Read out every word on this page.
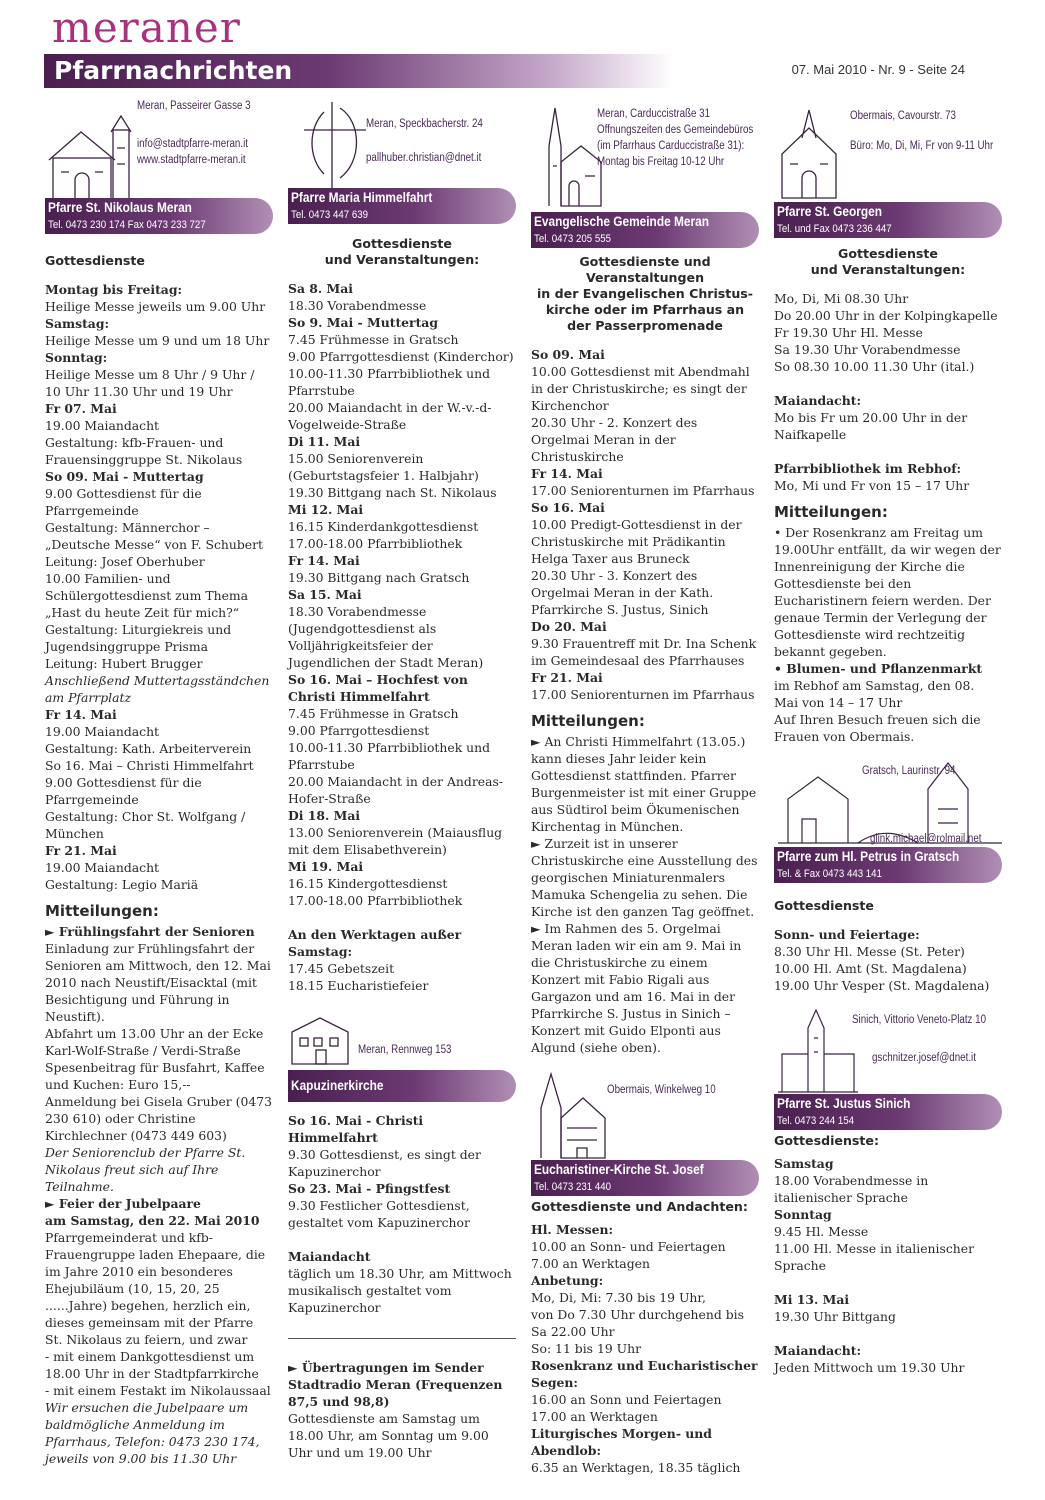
meraner
Pfarrnachrichten	07. Mai 2010 - Nr. 9 - Seite 24
Meran, Passeirer Gasse 3
info@stadtpfarre-meran.it
www.stadtpfarre-meran.it
Pfarre St. Nikolaus Meran
Tel. 0473 230 174 Fax 0473 233 727
Gottesdienste
Montag bis Freitag:
Heilige Messe jeweils um 9.00 Uhr
Samstag:
Heilige Messe um 9 und um 18 Uhr
Sonntag:
Heilige Messe um 8 Uhr / 9 Uhr / 10 Uhr 11.30 Uhr und 19 Uhr
Fr 07. Mai
19.00 Maiandacht
Gestaltung: kfb-Frauen- und Frauensinggruppe St. Nikolaus
So 09. Mai - Muttertag
9.00 Gottesdienst für die Pfarrgemeinde
Gestaltung: Männerchor – „Deutsche Messe“ von F. Schubert
Leitung: Josef Oberhuber
10.00 Familien- und Schülergottesdienst zum Thema „Hast du heute Zeit für mich?“
Gestaltung: Liturgiekreis und Jugendsinggruppe Prisma
Leitung: Hubert Brugger
Anschließend Muttertagsständchen am Pfarrplatz
Fr 14. Mai
19.00 Maiandacht
Gestaltung: Kath. Arbeiterverein
So 16. Mai – Christi Himmelfahrt
9.00 Gottesdienst für die Pfarrgemeinde
Gestaltung: Chor St. Wolfgang / München
Fr 21. Mai
19.00 Maiandacht
Gestaltung: Legio Mariä
Mitteilungen:
► Frühlingsfahrt der Senioren
Einladung zur Frühlingsfahrt der Senioren am Mittwoch, den 12. Mai 2010 nach Neustift/Eisacktal (mit Besichtigung und Führung in Neustift).
Abfahrt um 13.00 Uhr an der Ecke Karl-Wolf-Straße / Verdi-Straße
Spesenbeitrag für Busfahrt, Kaffee und Kuchen: Euro 15,--
Anmeldung bei Gisela Gruber (0473 230 610) oder Christine Kirchlechner (0473 449 603)
Der Seniorenclub der Pfarre St. Nikolaus freut sich auf Ihre Teilnahme.
► Feier der Jubelpaare
am Samstag, den 22. Mai 2010
Pfarrgemeinderat und kfb-Frauengruppe laden Ehepaare, die im Jahre 2010 ein besonderes Ehejubiläum (10, 15, 20, 25 ......Jahre) begehen, herzlich ein, dieses gemeinsam mit der Pfarre St. Nikolaus zu feiern, und zwar
- mit einem Dankgottesdienst um 18.00 Uhr in der Stadtpfarrkirche
- mit einem Festakt im Nikolaussaal
Wir ersuchen die Jubelpaare um baldmögliche Anmeldung im Pfarrhaus, Telefon: 0473 230 174, jeweils von 9.00 bis 11.30 Uhr
Meran, Speckbacherstr. 24
pallhuber.christian@dnet.it
Pfarre Maria Himmelfahrt
Tel. 0473 447 639
Gottesdienste
und Veranstaltungen:
Sa 8. Mai
18.30 Vorabendmesse
So 9. Mai - Muttertag
7.45 Frühmesse in Gratsch
9.00 Pfarrgottesdienst (Kinderchor)
10.00-11.30 Pfarrbibliothek und Pfarrstube
20.00 Maiandacht in der W.-v.-d-Vogelweide-Straße
Di 11. Mai
15.00 Seniorenverein (Geburtstagsfeier 1. Halbjahr)
19.30 Bittgang nach St. Nikolaus
Mi 12. Mai
16.15 Kinderdankgottesdienst
17.00-18.00 Pfarrbibliothek
Fr 14. Mai
19.30 Bittgang nach Gratsch
Sa 15. Mai
18.30 Vorabendmesse (Jugendgottesdienst als Volljährigkeitsfeier der Jugendlichen der Stadt Meran)
So 16. Mai – Hochfest von Christi Himmelfahrt
7.45 Frühmesse in Gratsch
9.00 Pfarrgottesdienst
10.00-11.30 Pfarrbibliothek und Pfarrstube
20.00 Maiandacht in der Andreas-Hofer-Straße
Di 18. Mai
13.00 Seniorenverein (Maiausflug mit dem Elisabethverein)
Mi 19. Mai
16.15 Kindergottesdienst
17.00-18.00 Pfarrbibliothek
An den Werktagen außer Samstag:
17.45 Gebetszeit
18.15 Eucharistiefeier
Meran, Rennweg 153
Kapuzinerkirche
So 16. Mai - Christi Himmelfahrt
9.30 Gottesdienst, es singt der Kapuzinerchor
So 23. Mai - Pfingstfest
9.30 Festlicher Gottesdienst, gestaltet vom Kapuzinerchor
Maiandacht
täglich um 18.30 Uhr, am Mittwoch musikalisch gestaltet vom Kapuzinerchor
► Übertragungen im Sender Stadtradio Meran (Frequenzen 87,5 und 98,8)
Gottesdienste am Samstag um 18.00 Uhr, am Sonntag um 9.00 Uhr und um 19.00 Uhr
Meran, Carduccistraße 31
Öffnungszeiten des Gemeindebüros
(im Pfarrhaus Carduccistraße 31):
Montag bis Freitag 10-12 Uhr
Evangelische Gemeinde Meran
Tel. 0473 205 555
Gottesdienste und
Veranstaltungen
in der Evangelischen Christus-
kirche oder im Pfarrhaus an
der Passerpromenade
So 09. Mai
10.00 Gottesdienst mit Abendmahl in der Christuskirche; es singt der Kirchenchor
20.30 Uhr - 2. Konzert des Orgelmai Meran in der Christuskirche
Fr 14. Mai
17.00 Seniorenturnen im Pfarrhaus
So 16. Mai
10.00 Predigt-Gottesdienst in der Christuskirche mit Prädikantin Helga Taxer aus Bruneck
20.30 Uhr - 3. Konzert des Orgelmai Meran in der Kath. Pfarrkirche S. Justus, Sinich
Do 20. Mai
9.30 Frauentreff mit Dr. Ina Schenk im Gemeindesaal des Pfarrhauses
Fr 21. Mai
17.00 Seniorenturnen im Pfarrhaus
Mitteilungen:
► An Christi Himmelfahrt (13.05.) kann dieses Jahr leider kein Gottesdienst stattfinden. Pfarrer Burgenmeister ist mit einer Gruppe aus Südtirol beim Ökumenischen Kirchentag in München.
► Zurzeit ist in unserer Christuskirche eine Ausstellung des georgischen Miniaturenmalers Mamuka Schengelia zu sehen. Die Kirche ist den ganzen Tag geöffnet.
► Im Rahmen des 5. Orgelmai Meran laden wir ein am 9. Mai in die Christuskirche zu einem Konzert mit Fabio Rigali aus Gargazon und am 16. Mai in der Pfarrkirche S. Justus in Sinich – Konzert mit Guido Elponti aus Algund (siehe oben).
Obermais, Winkelweg 10
Eucharistiner-Kirche St. Josef
Tel. 0473 231 440
Gottesdienste und Andachten:
Hl. Messen:
10.00 an Sonn- und Feiertagen
7.00 an Werktagen
Anbetung:
Mo, Di, Mi: 7.30 bis 19 Uhr,
von Do 7.30 Uhr durchgehend bis Sa 22.00 Uhr
So: 11 bis 19 Uhr
Rosenkranz und Eucharistischer Segen:
16.00 an Sonn und Feiertagen
17.00 an Werktagen
Liturgisches Morgen- und Abendlob:
6.35 an Werktagen, 18.35 täglich
Obermais, Cavourstr. 73
Büro: Mo, Di, Mi, Fr von 9-11 Uhr
Pfarre St. Georgen
Tel. und Fax 0473 236 447
Gottesdienste
und Veranstaltungen:
Mo, Di, Mi 08.30 Uhr
Do 20.00 Uhr in der Kolpingkapelle
Fr 19.30 Uhr Hl. Messe
Sa 19.30 Uhr Vorabendmesse
So 08.30 10.00 11.30 Uhr (ital.)
Maiandacht:
Mo bis Fr um 20.00 Uhr in der Naifkapelle
Pfarrbibliothek im Rebhof:
Mo, Mi und Fr von 15 – 17 Uhr
Mitteilungen:
• Der Rosenkranz am Freitag um 19.00Uhr entfällt, da wir wegen der Innenreinigung der Kirche die Gottesdienste bei den Eucharistinern feiern werden. Der genaue Termin der Verlegung der Gottesdienste wird rechtzeitig bekannt gegeben.
• Blumen- und Pflanzenmarkt
im Rebhof am Samstag, den 08. Mai von 14 – 17 Uhr
Auf Ihren Besuch freuen sich die Frauen von Obermais.
Gratsch, Laurinstr. 94
glink.michael@rolmail.net
Pfarre zum Hl. Petrus in Gratsch
Tel. & Fax 0473 443 141
Gottesdienste
Sonn- und Feiertage:
8.30 Uhr Hl. Messe (St. Peter)
10.00 Hl. Amt (St. Magdalena)
19.00 Uhr Vesper (St. Magdalena)
Sinich, Vittorio Veneto-Platz 10
gschnitzer.josef@dnet.it
Pfarre St. Justus Sinich
Tel. 0473 244 154
Gottesdienste:
Samstag
18.00 Vorabendmesse in italienischer Sprache
Sonntag
9.45 Hl. Messe
11.00 Hl. Messe in italienischer Sprache
Mi 13. Mai
19.30 Uhr Bittgang
Maiandacht:
Jeden Mittwoch um 19.30 Uhr
